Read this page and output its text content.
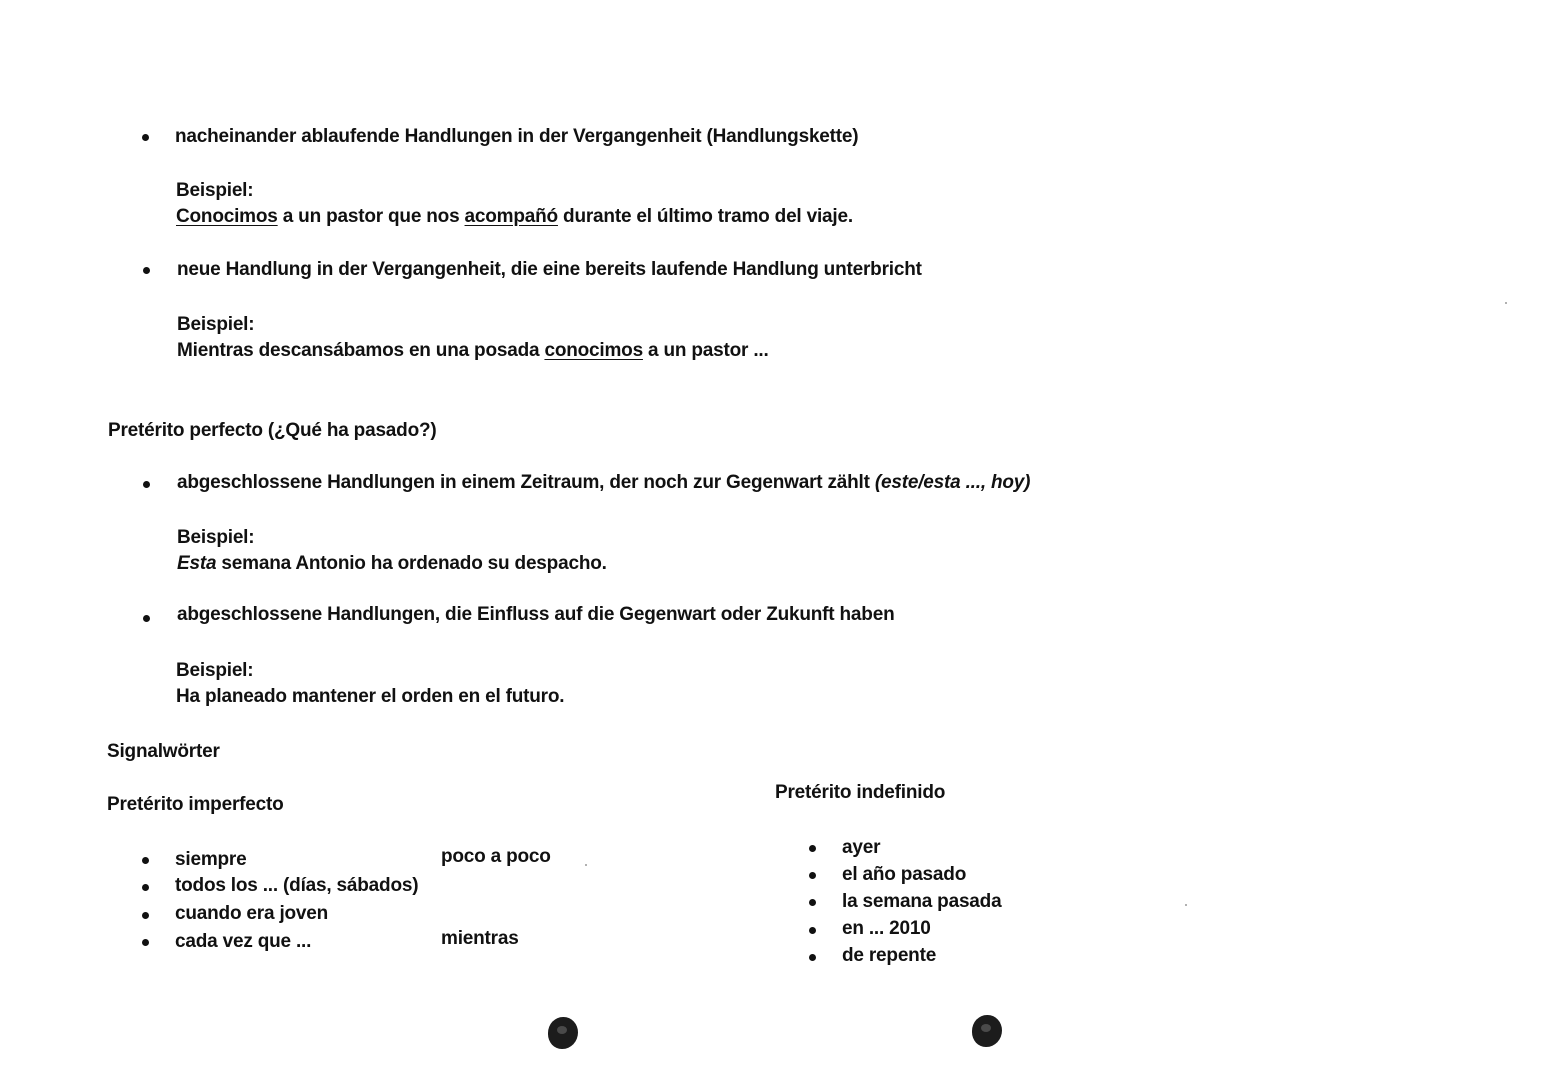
nacheinander ablaufende Handlungen in der Vergangenheit (Handlungskette)
Beispiel:
Conocimos a un pastor que nos acompañó durante el último tramo del viaje.
neue Handlung in der Vergangenheit, die eine bereits laufende Handlung unterbricht
Beispiel:
Mientras descansábamos en una posada conocimos a un pastor ...
Pretérito perfecto (¿Qué ha pasado?)
abgeschlossene Handlungen in einem Zeitraum, der noch zur Gegenwart zählt (este/esta ..., hoy)
Beispiel:
Esta semana Antonio ha ordenado su despacho.
abgeschlossene Handlungen, die Einfluss auf die Gegenwart oder Zukunft haben
Beispiel:
Ha planeado mantener el orden en el futuro.
Signalwörter
Pretérito imperfecto
siempre
todos los ... (días, sábados)
cuando era joven
cada vez que ...
poco a poco
mientras
Pretérito indefinido
ayer
el año pasado
la semana pasada
en ... 2010
de repente
